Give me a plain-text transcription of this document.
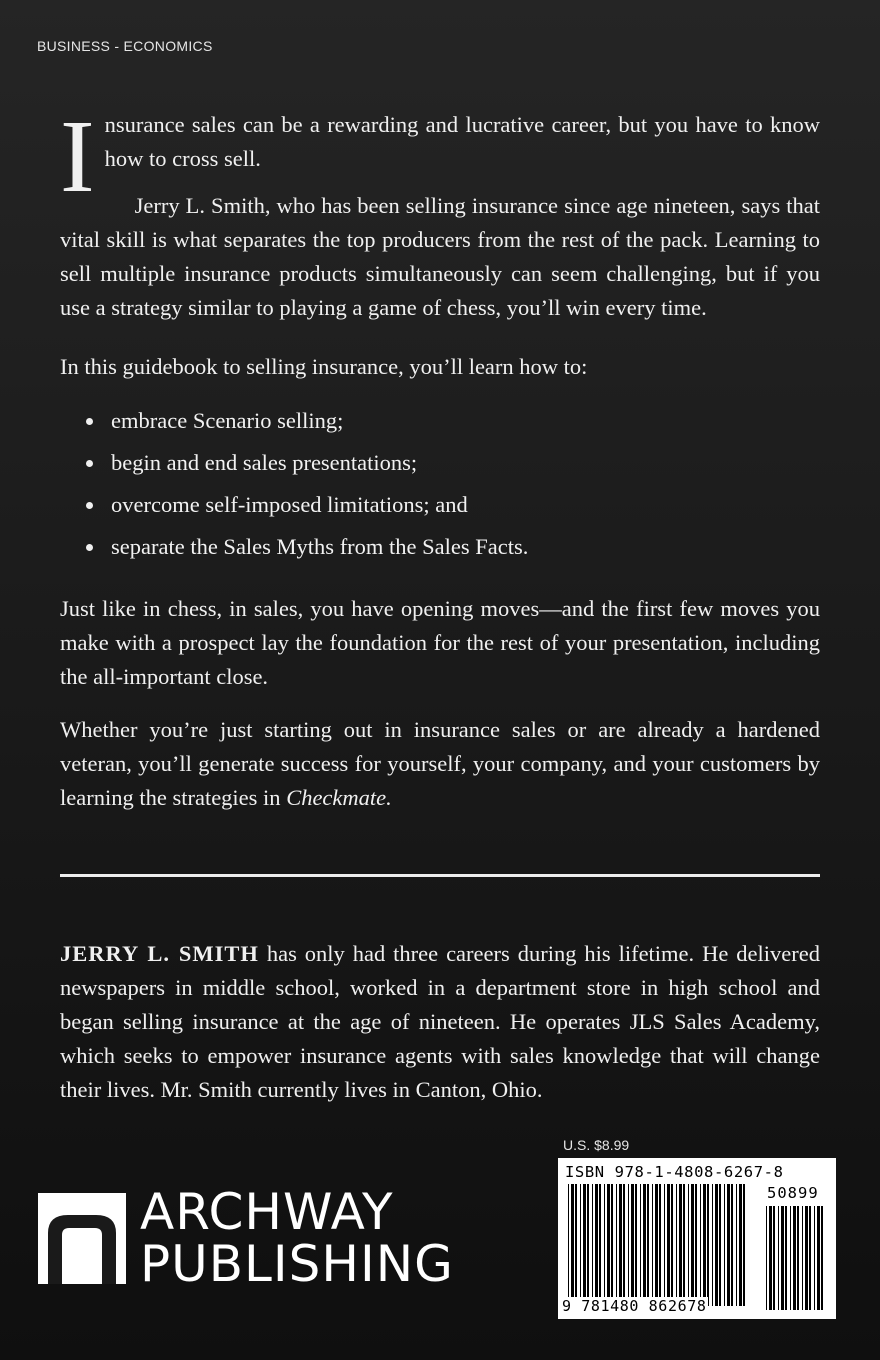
BUSINESS - ECONOMICS

Insurance sales can be a rewarding and lucrative career, but you have to know how to cross sell.

Jerry L. Smith, who has been selling insurance since age nineteen, says that vital skill is what separates the top producers from the rest of the pack. Learning to sell multiple insurance products simultaneously can seem challenging, but if you use a strategy similar to playing a game of chess, you’ll win every time.

In this guidebook to selling insurance, you’ll learn how to:

embrace Scenario selling;
begin and end sales presentations;
overcome self-imposed limitations; and
separate the Sales Myths from the Sales Facts.

Just like in chess, in sales, you have opening moves—and the first few moves you make with a prospect lay the foundation for the rest of your presentation, including the all-important close.

Whether you’re just starting out in insurance sales or are already a hardened veteran, you’ll generate success for yourself, your company, and your customers by learning the strategies in Checkmate.

JERRY L. SMITH has only had three careers during his lifetime. He delivered newspapers in middle school, worked in a department store in high school and began selling insurance at the age of nineteen. He operates JLS Sales Academy, which seeks to empower insurance agents with sales knowledge that will change their lives. Mr. Smith currently lives in Canton, Ohio.

U.S. $8.99
ISBN 978-1-4808-6267-8
50899
9 781480 862678
ARCHWAY
PUBLISHING
